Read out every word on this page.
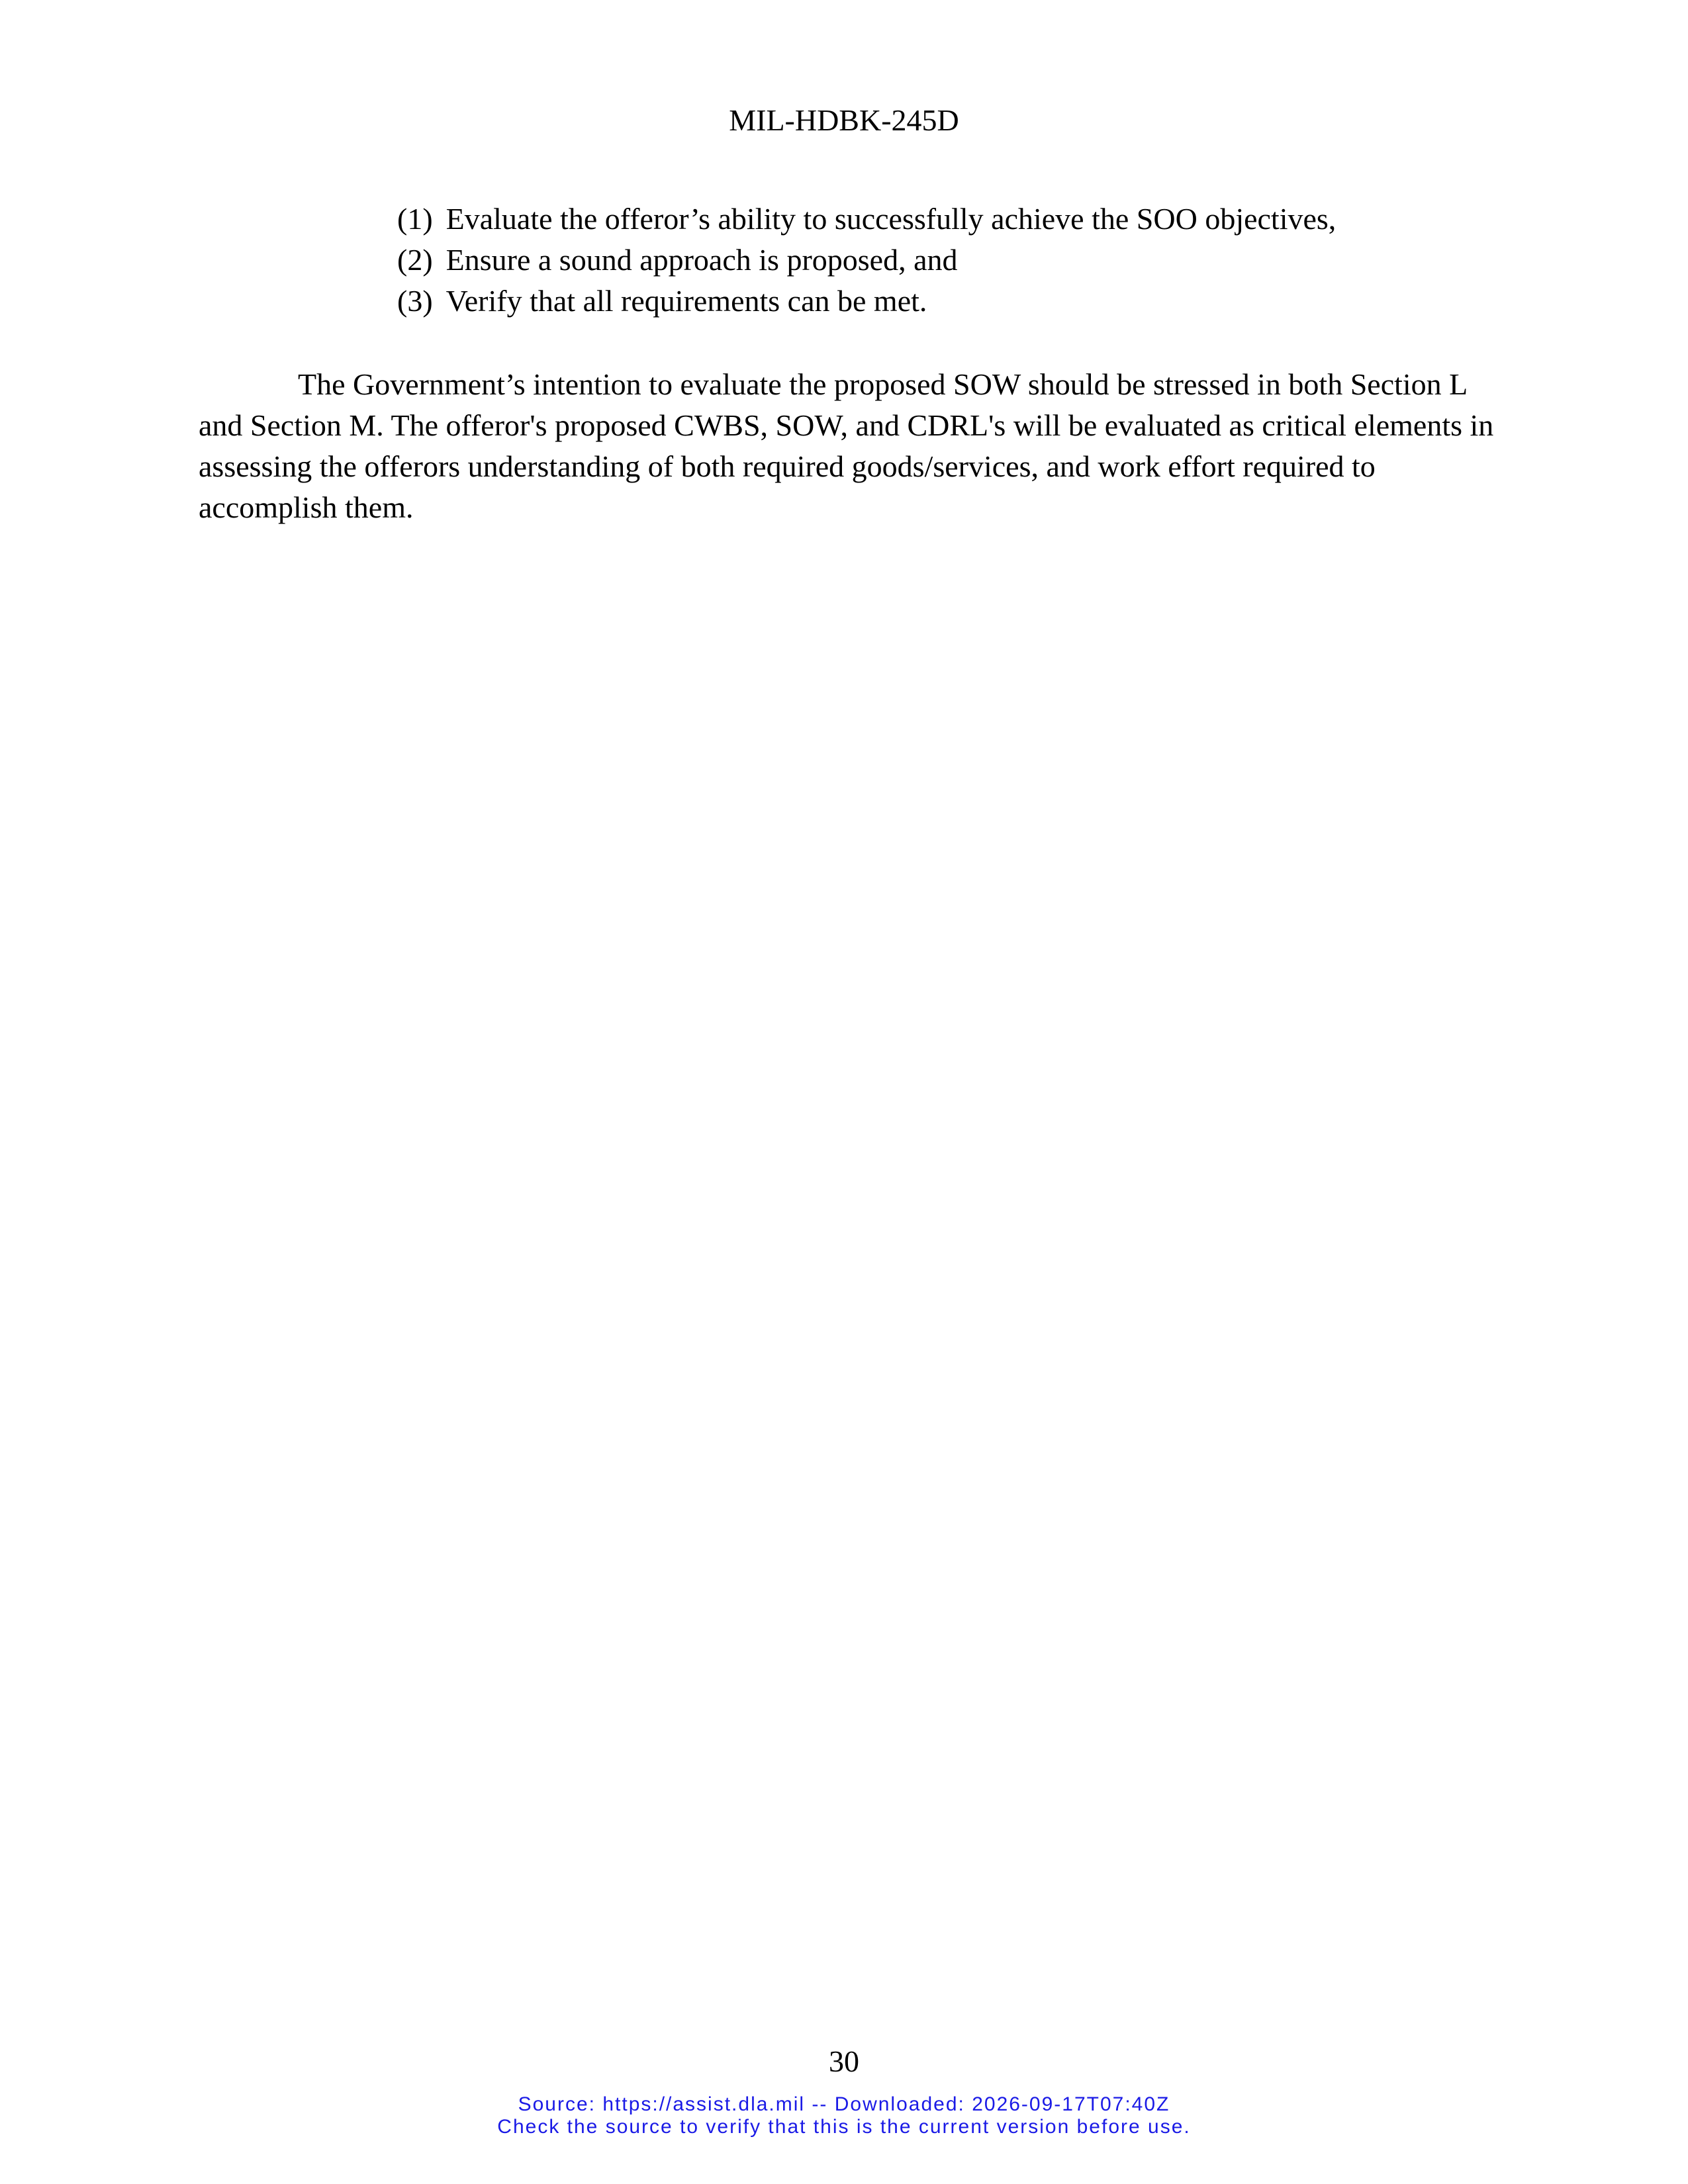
MIL-HDBK-245D
(1) Evaluate the offeror’s ability to successfully achieve the SOO objectives,
(2) Ensure a sound approach is proposed, and
(3) Verify that all requirements can be met.

The Government’s intention to evaluate the proposed SOW should be stressed in both Section L and Section M. The offeror's proposed CWBS, SOW, and CDRL's will be evaluated as critical elements in assessing the offerors understanding of both required goods/services, and work effort required to accomplish them.

30
Source: https://assist.dla.mil -- Downloaded: 2026-09-17T07:40Z
Check the source to verify that this is the current version before use.
